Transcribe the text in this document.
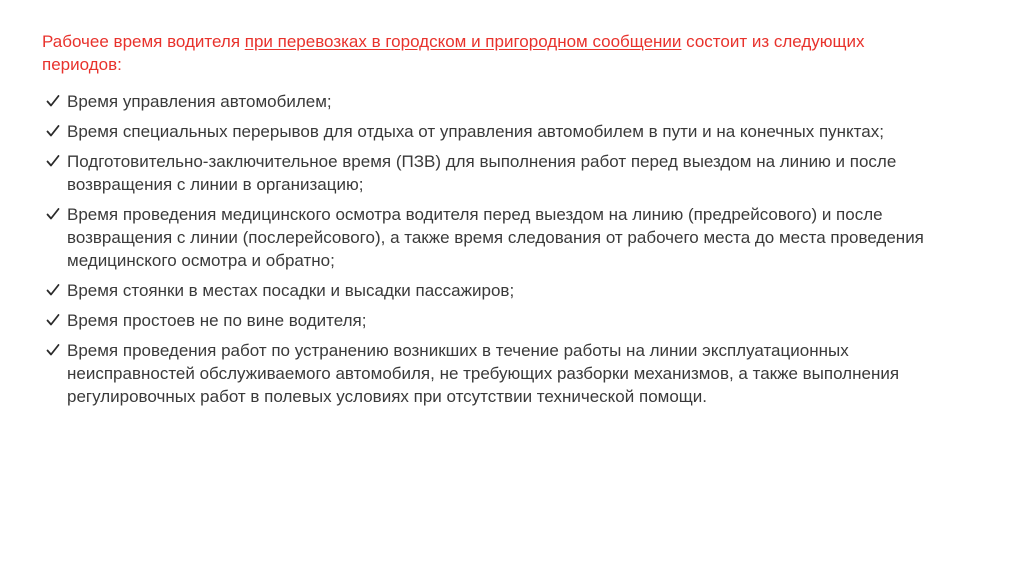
Рабочее время водителя при перевозках в городском и пригородном сообщении состоит из следующих периодов:

Время управления автомобилем;
Время специальных перерывов для отдыха от управления автомобилем в пути и на конечных пунктах;
Подготовительно-заключительное время (ПЗВ) для выполнения работ перед выездом на линию и после возвращения с линии в организацию;
Время проведения медицинского осмотра водителя перед выездом на линию (предрейсового) и после возвращения с линии (послерейсового), а также время следования от рабочего места до места проведения медицинского осмотра и обратно;
Время стоянки в местах посадки и высадки пассажиров;
Время простоев не по вине водителя;
Время проведения работ по устранению возникших в течение работы на линии эксплуатационных неисправностей обслуживаемого автомобиля, не требующих разборки механизмов, а также выполнения регулировочных работ в полевых условиях при отсутствии технической помощи.
